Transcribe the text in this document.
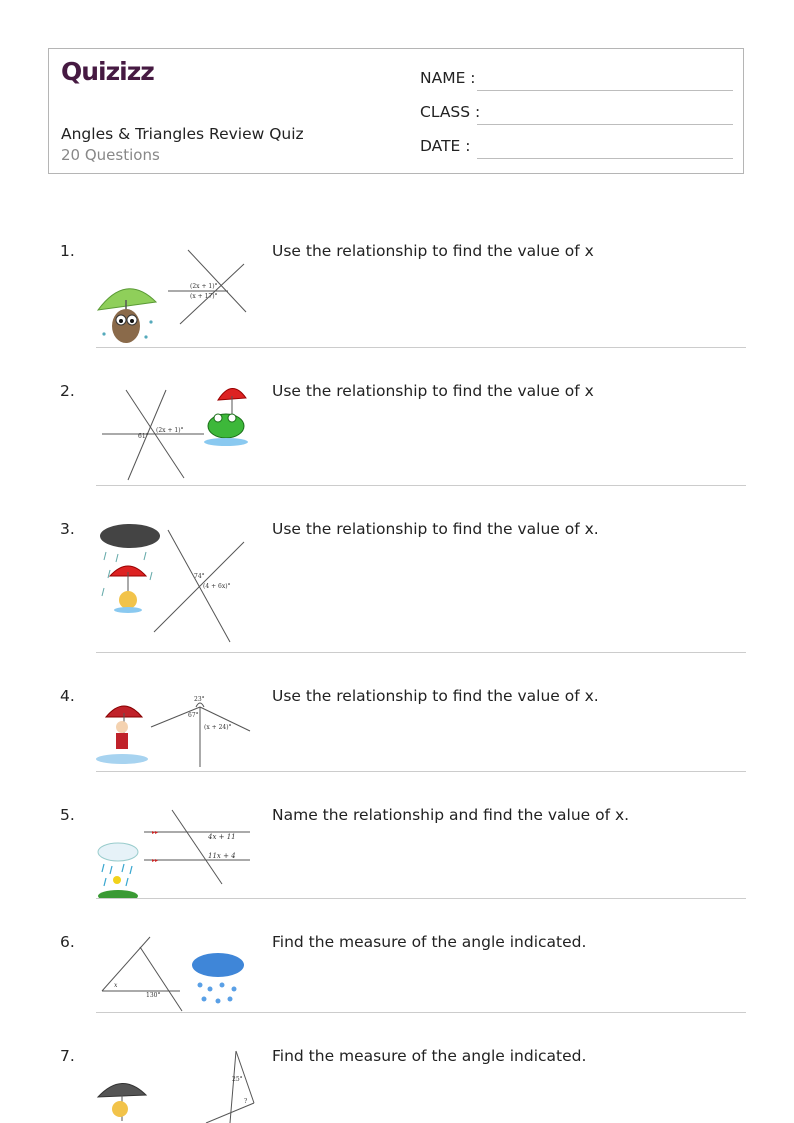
Quizizz
Angles & Triangles Review Quiz
20 Questions
NAME :
CLASS :
DATE :
1.
(2x + 1)°
(x + 17)°
Use the relationship to find the value of x
2.
61°
(2x + 1)°
Use the relationship to find the value of x
3.
74°
(4 + 6x)°
Use the relationship to find the value of x.
4.	23°
67°
(x + 24)°
Use the relationship to find the value of x.
5.
▸▸
▸▸
4x + 11
11x + 4
Name the relationship and find the value of x.
6.
x
130°
Find the measure of the angle indicated.
7.
25°
?
Find the measure of the angle indicated.
